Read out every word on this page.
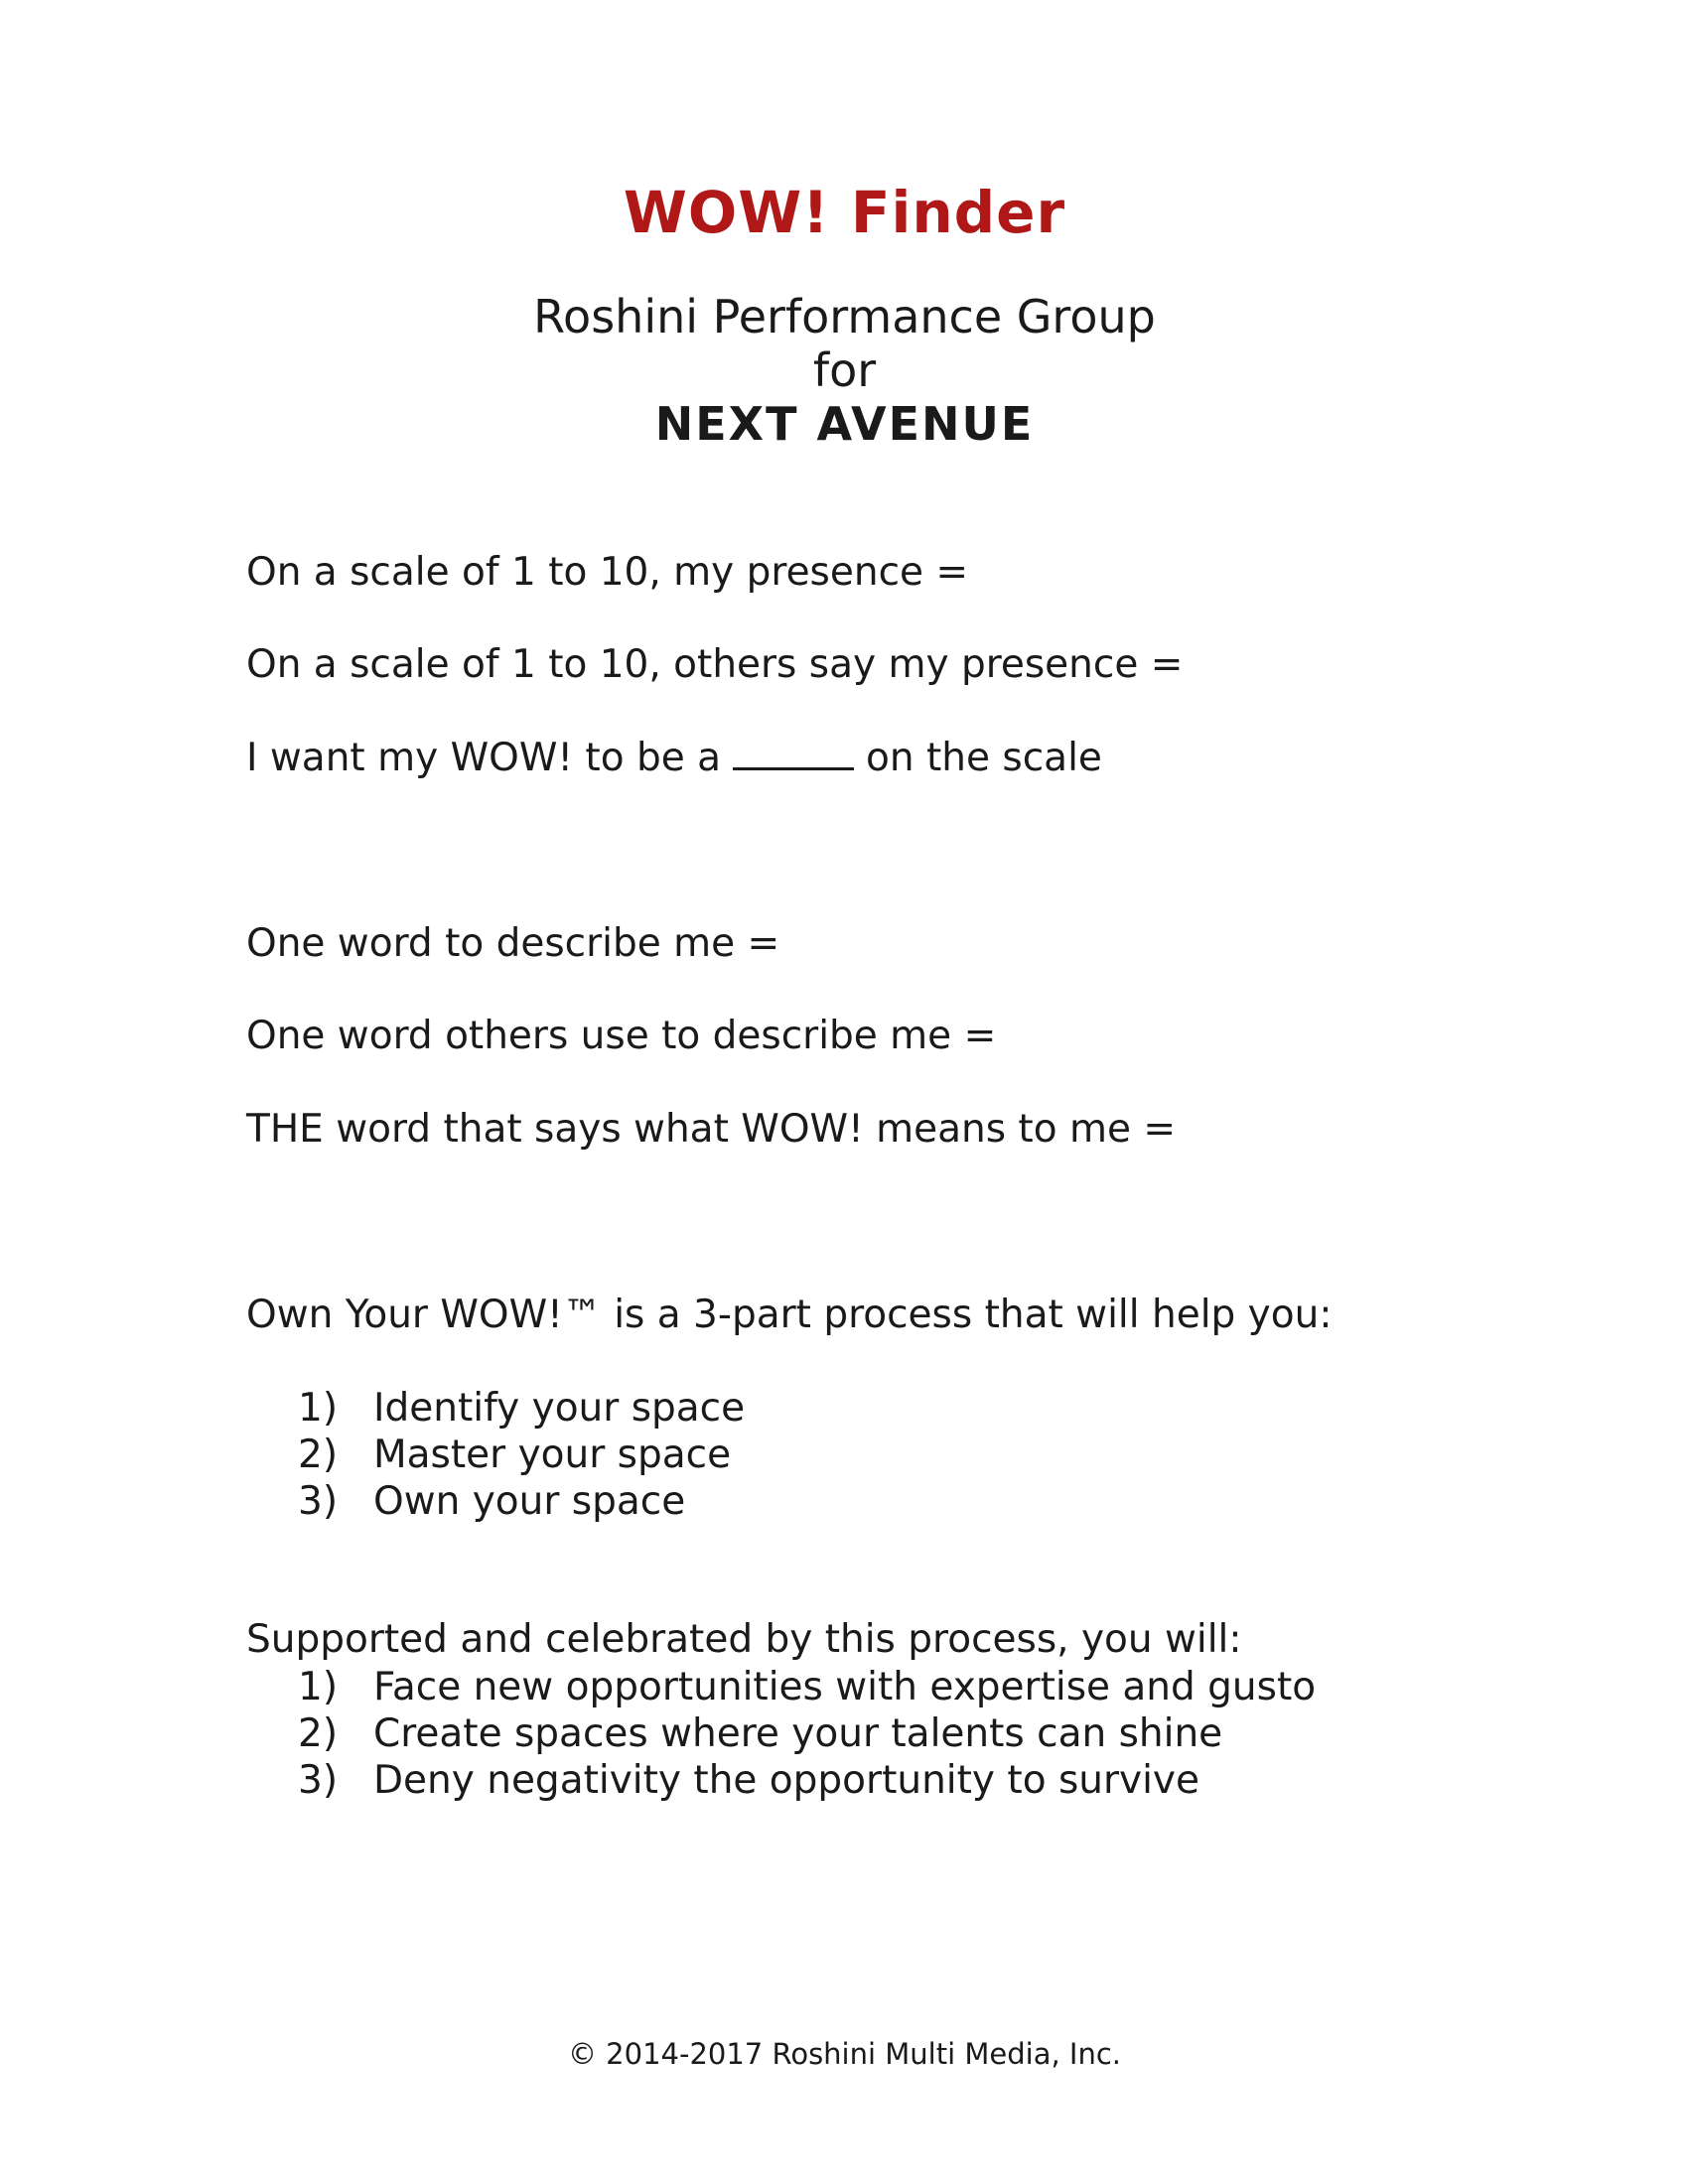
WOW! Finder
Roshini Performance Group
for
NEXT AVENUE
On a scale of 1 to 10, my presence =
On a scale of 1 to 10, others say my presence =
I want my WOW! to be a	on the scale
One word to describe me =
One word others use to describe me =
THE word that says what WOW! means to me =
Own Your WOW!™ is a 3-part process that will help you:
1) Identify your space
2) Master your space
3) Own your space
Supported and celebrated by this process, you will:
1) Face new opportunities with expertise and gusto
2) Create spaces where your talents can shine
3) Deny negativity the opportunity to survive
© 2014-2017 Roshini Multi Media, Inc.
